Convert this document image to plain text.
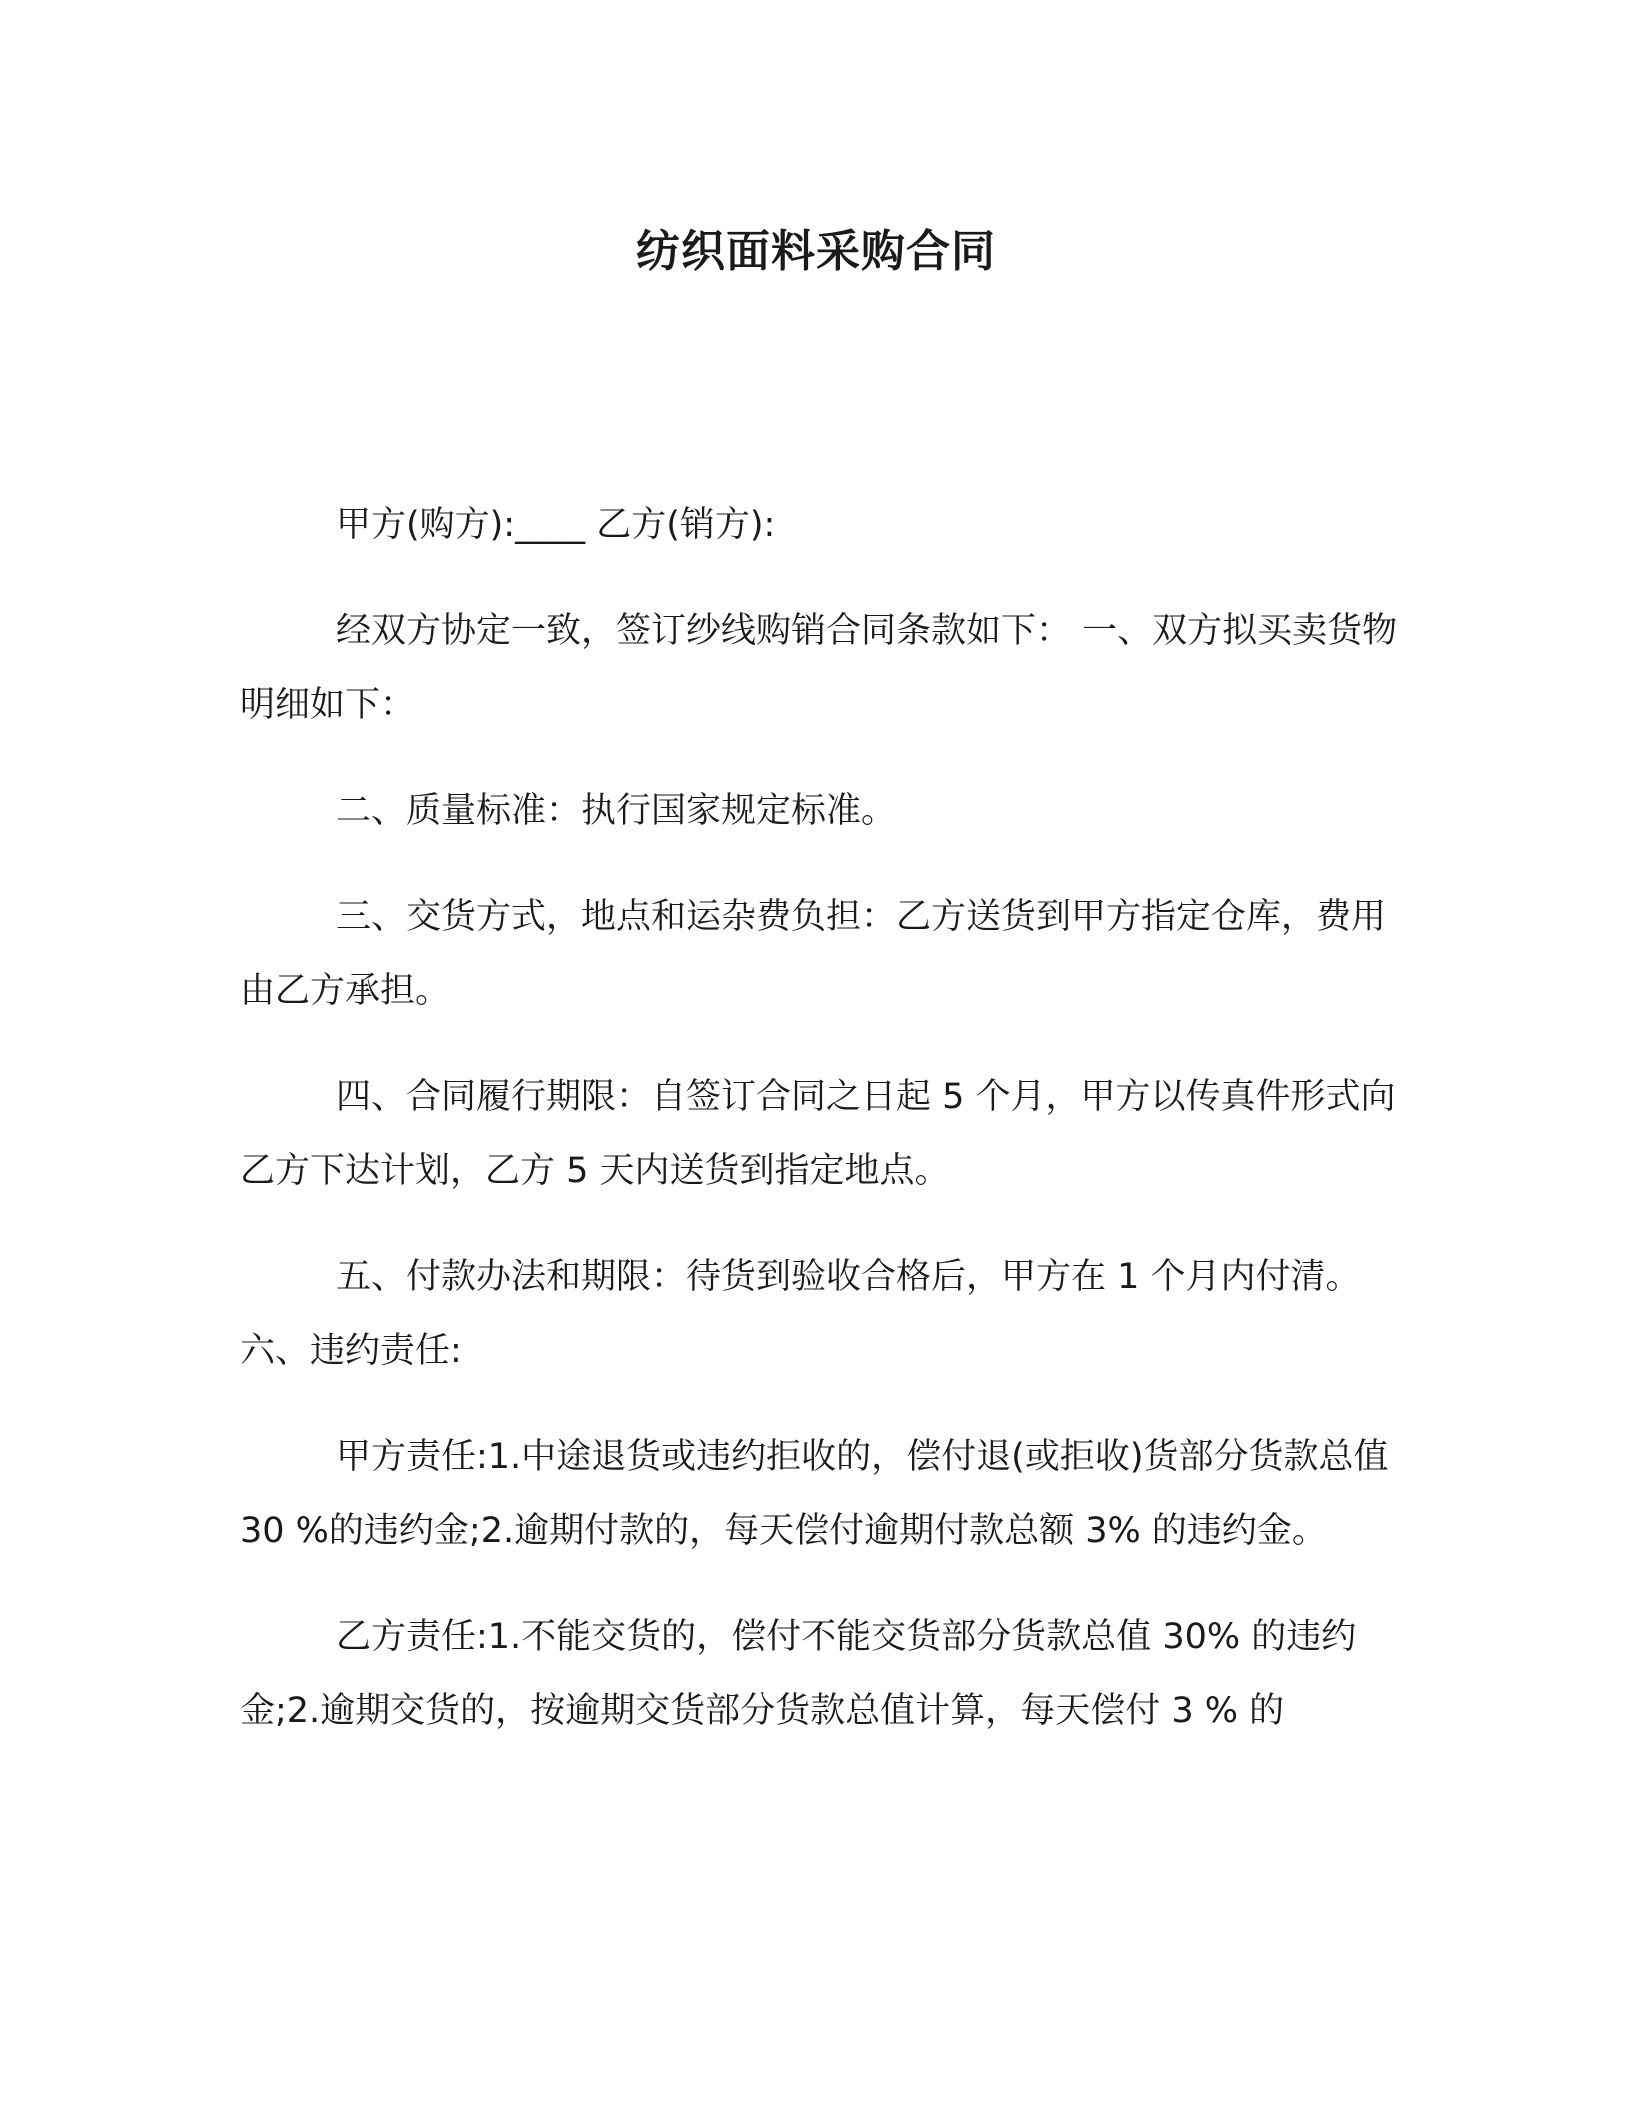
纺织面料采购合同

甲方(购方):____ 乙方(销方):

经双方协定一致，签订纱线购销合同条款如下： 一、双方拟买卖货物明细如下：

二、质量标准：执行国家规定标准。

三、交货方式，地点和运杂费负担：乙方送货到甲方指定仓库，费用由乙方承担。

四、合同履行期限：自签订合同之日起 5 个月，甲方以传真件形式向乙方下达计划，乙方 5 天内送货到指定地点。

五、付款办法和期限：待货到验收合格后，甲方在 1 个月内付清。

六、违约责任:

甲方责任:1.中途退货或违约拒收的，偿付退(或拒收)货部分货款总值 30 %的违约金;2.逾期付款的，每天偿付逾期付款总额 3% 的违约金。

乙方责任:1.不能交货的，偿付不能交货部分货款总值 30% 的违约金;2.逾期交货的，按逾期交货部分货款总值计算，每天偿付 3 % 的
